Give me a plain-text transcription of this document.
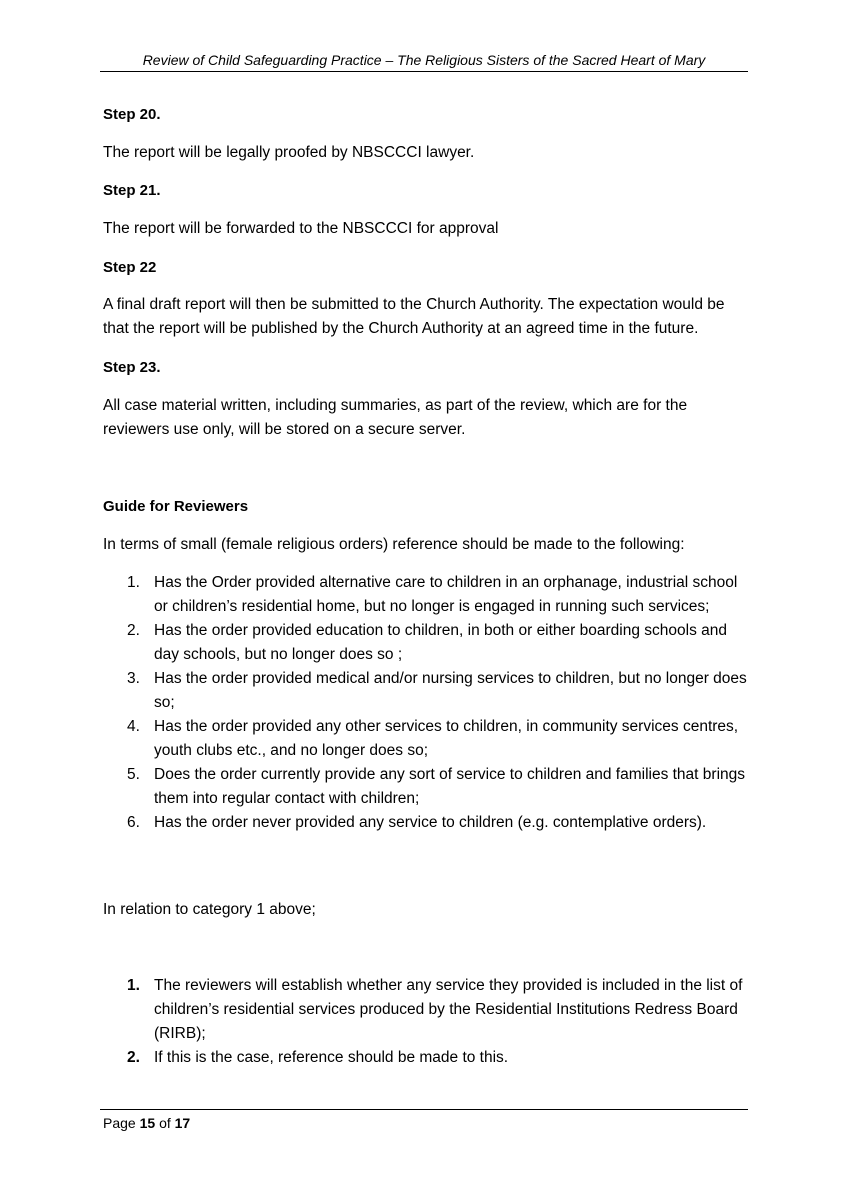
Review of Child Safeguarding Practice – The Religious Sisters of the Sacred Heart of Mary
Step 20.
The report will be legally proofed by NBSCCCI lawyer.
Step 21.
The report will be forwarded to the NBSCCCI for approval
Step 22
A final draft report will then be submitted to the Church Authority. The expectation would be that the report will be published by the Church Authority at an agreed time in the future.
Step 23.
All case material written, including summaries, as part of the review, which are for the reviewers use only, will be stored on a secure server.
Guide for Reviewers
In terms of small (female religious orders) reference should be made to the following:
1. Has the Order provided alternative care to children in an orphanage, industrial school or children’s residential home, but no longer is engaged in running such services;
2. Has the order provided education to children, in both or either boarding schools and day schools, but no longer does so ;
3. Has the order provided medical and/or nursing services to children, but no longer does so;
4. Has the order provided any other services to children, in community services centres, youth clubs etc., and no longer does so;
5. Does the order currently provide any sort of service to children and families that brings them into regular contact with children;
6. Has the order never provided any service to children (e.g. contemplative orders).
In relation to category 1 above;
1. The reviewers will establish whether any service they provided is included in the list of children’s residential services produced by the Residential Institutions Redress Board (RIRB);
2. If this is the case, reference should be made to this.
Page 15 of 17
